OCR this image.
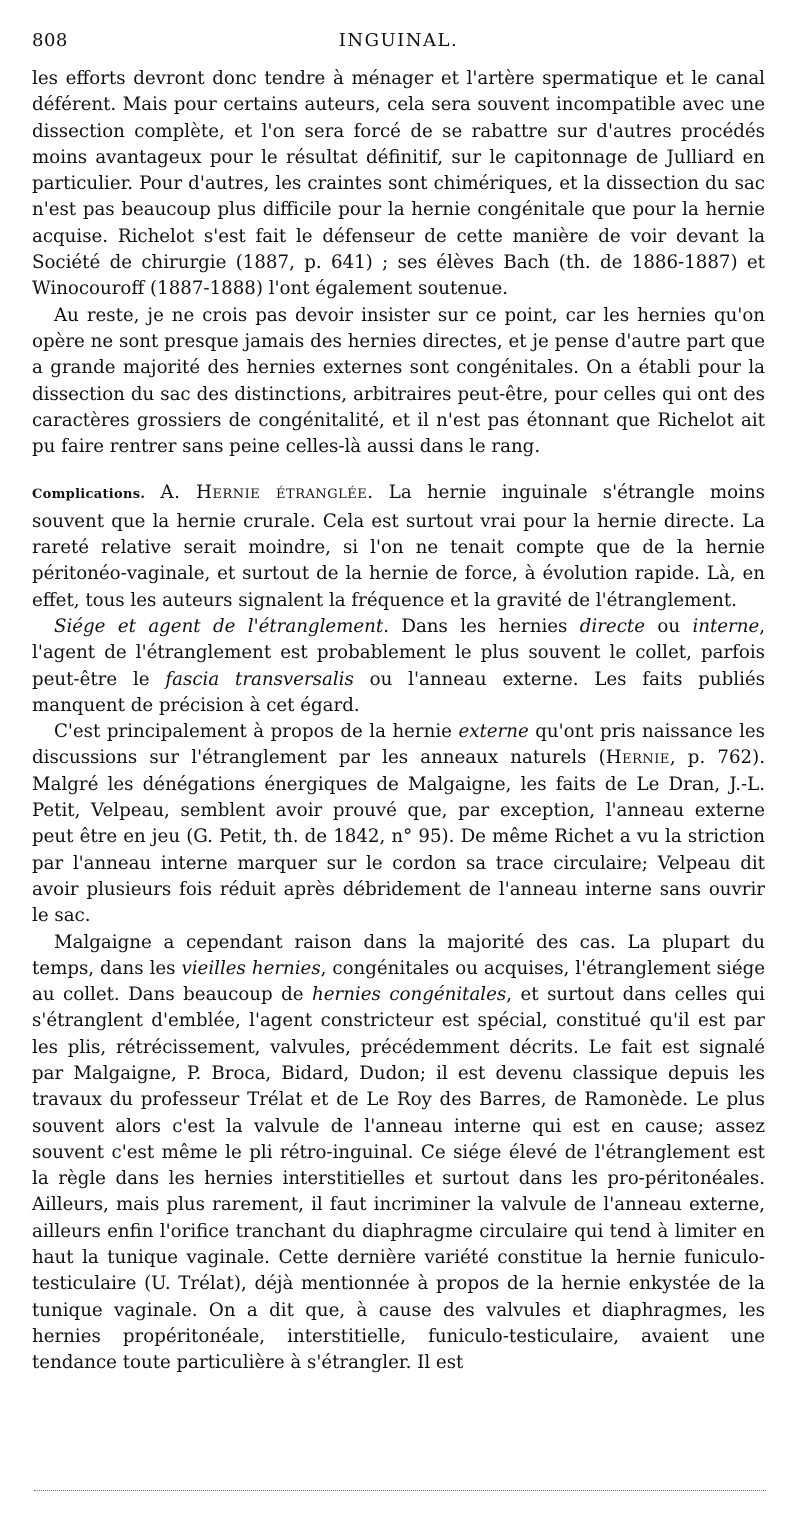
808	INGUINAL.

les efforts devront donc tendre à ménager et l'artère spermatique et le canal déférent. Mais pour certains auteurs, cela sera souvent incompatible avec une dissection complète, et l'on sera forcé de se rabattre sur d'autres procédés moins avantageux pour le résultat définitif, sur le capitonnage de Julliard en particulier. Pour d'autres, les craintes sont chimériques, et la dissection du sac n'est pas beaucoup plus difficile pour la hernie congénitale que pour la hernie acquise. Richelot s'est fait le défenseur de cette manière de voir devant la Société de chirurgie (1887, p. 641) ; ses élèves Bach (th. de 1886-1887) et Winocouroff (1887-1888) l'ont également soutenue.

Au reste, je ne crois pas devoir insister sur ce point, car les hernies qu'on opère ne sont presque jamais des hernies directes, et je pense d'autre part que a grande majorité des hernies externes sont congénitales. On a établi pour la dissection du sac des distinctions, arbitraires peut-être, pour celles qui ont des caractères grossiers de congénitalité, et il n'est pas étonnant que Richelot ait pu faire rentrer sans peine celles-là aussi dans le rang.

Complications. A. Hernie étranglée. La hernie inguinale s'étrangle moins souvent que la hernie crurale. Cela est surtout vrai pour la hernie directe. La rareté relative serait moindre, si l'on ne tenait compte que de la hernie péritonéo-vaginale, et surtout de la hernie de force, à évolution rapide. Là, en effet, tous les auteurs signalent la fréquence et la gravité de l'étranglement.

Siége et agent de l'étranglement. Dans les hernies directe ou interne, l'agent de l'étranglement est probablement le plus souvent le collet, parfois peut-être le fascia transversalis ou l'anneau externe. Les faits publiés manquent de précision à cet égard.

C'est principalement à propos de la hernie externe qu'ont pris naissance les discussions sur l'étranglement par les anneaux naturels (Hernie, p. 762). Malgré les dénégations énergiques de Malgaigne, les faits de Le Dran, J.-L. Petit, Velpeau, semblent avoir prouvé que, par exception, l'anneau externe peut être en jeu (G. Petit, th. de 1842, n° 95). De même Richet a vu la striction par l'anneau interne marquer sur le cordon sa trace circulaire; Velpeau dit avoir plusieurs fois réduit après débridement de l'anneau interne sans ouvrir le sac.

Malgaigne a cependant raison dans la majorité des cas. La plupart du temps, dans les vieilles hernies, congénitales ou acquises, l'étranglement siége au collet. Dans beaucoup de hernies congénitales, et surtout dans celles qui s'étranglent d'emblée, l'agent constricteur est spécial, constitué qu'il est par les plis, rétrécissement, valvules, précédemment décrits. Le fait est signalé par Malgaigne, P. Broca, Bidard, Dudon; il est devenu classique depuis les travaux du professeur Trélat et de Le Roy des Barres, de Ramonède. Le plus souvent alors c'est la valvule de l'anneau interne qui est en cause; assez souvent c'est même le pli rétro-inguinal. Ce siége élevé de l'étranglement est la règle dans les hernies interstitielles et surtout dans les pro-péritonéales. Ailleurs, mais plus rarement, il faut incriminer la valvule de l'anneau externe, ailleurs enfin l'orifice tranchant du diaphragme circulaire qui tend à limiter en haut la tunique vaginale. Cette dernière variété constitue la hernie funiculo-testiculaire (U. Trélat), déjà mentionnée à propos de la hernie enkystée de la tunique vaginale. On a dit que, à cause des valvules et diaphragmes, les hernies propéritonéale, interstitielle, funiculo-testiculaire, avaient une tendance toute particulière à s'étrangler. Il est
